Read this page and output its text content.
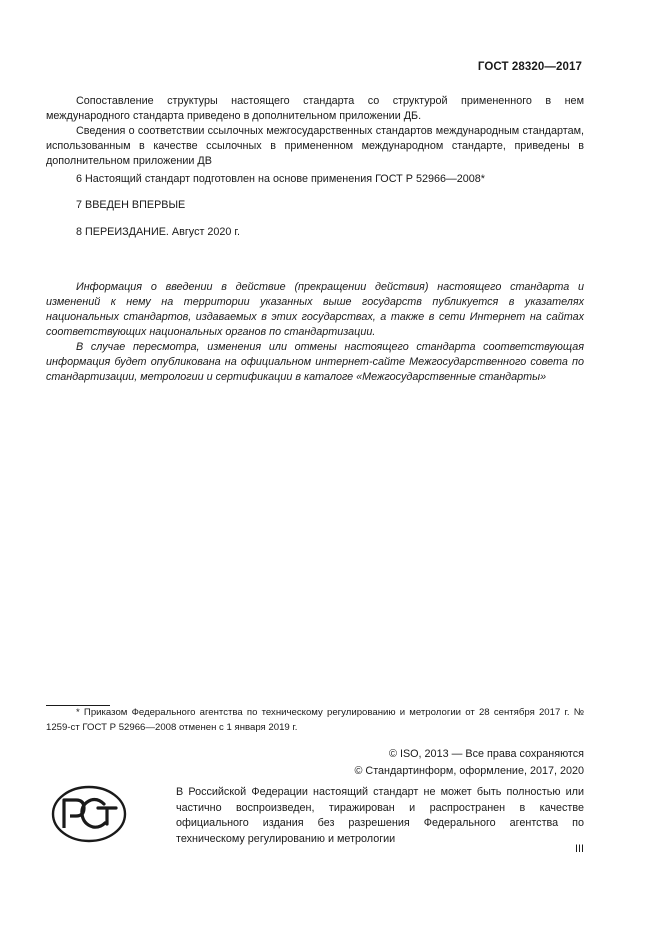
ГОСТ 28320—2017

Сопоставление структуры настоящего стандарта со структурой примененного в нем международного стандарта приведено в дополнительном приложении ДБ.

Сведения о соответствии ссылочных межгосударственных стандартов международным стандартам, использованным в качестве ссылочных в примененном международном стандарте, приведены в дополнительном приложении ДВ

6 Настоящий стандарт подготовлен на основе применения ГОСТ Р 52966—2008*

7 ВВЕДЕН ВПЕРВЫЕ

8 ПЕРЕИЗДАНИЕ. Август 2020 г.

Информация о введении в действие (прекращении действия) настоящего стандарта и изменений к нему на территории указанных выше государств публикуется в указателях национальных стандартов, издаваемых в этих государствах, а также в сети Интернет на сайтах соответствующих национальных органов по стандартизации.

В случае пересмотра, изменения или отмены настоящего стандарта соответствующая информация будет опубликована на официальном интернет-сайте Межгосударственного совета по стандартизации, метрологии и сертификации в каталоге «Межгосударственные стандарты»

* Приказом Федерального агентства по техническому регулированию и метрологии от 28 сентября 2017 г. № 1259-ст ГОСТ Р 52966—2008 отменен с 1 января 2019 г.

© ISO, 2013 — Все права сохраняются
© Стандартинформ, оформление, 2017, 2020
В Российской Федерации настоящий стандарт не может быть полностью или частично воспроизведен, тиражирован и распространен в качестве официального издания без разрешения Федерального агентства по техническому регулированию и метрологии
III
